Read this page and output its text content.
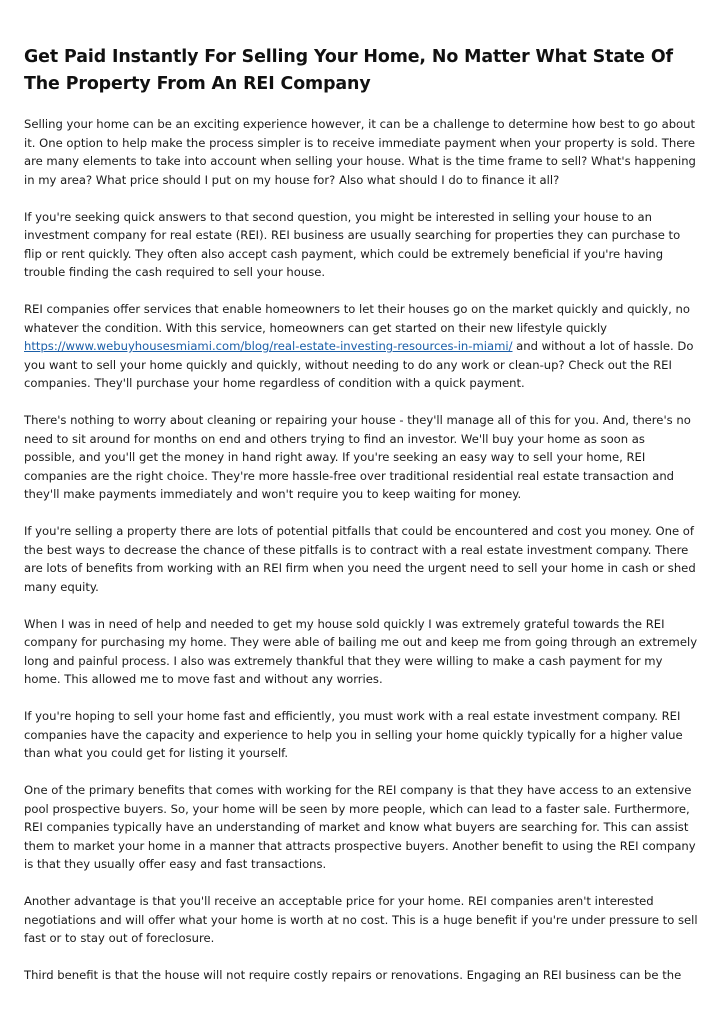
Get Paid Instantly For Selling Your Home, No Matter What State Of The Property From An REI Company

Selling your home can be an exciting experience however, it can be a challenge to determine how best to go about it. One option to help make the process simpler is to receive immediate payment when your property is sold. There are many elements to take into account when selling your house. What is the time frame to sell? What's happening in my area? What price should I put on my house for? Also what should I do to finance it all?

If you're seeking quick answers to that second question, you might be interested in selling your house to an investment company for real estate (REI). REI business are usually searching for properties they can purchase to flip or rent quickly. They often also accept cash payment, which could be extremely beneficial if you're having trouble finding the cash required to sell your house.

REI companies offer services that enable homeowners to let their houses go on the market quickly and quickly, no whatever the condition. With this service, homeowners can get started on their new lifestyle quickly https://www.webuyhousesmiami.com/blog/real-estate-investing-resources-in-miami/ and without a lot of hassle. Do you want to sell your home quickly and quickly, without needing to do any work or clean-up? Check out the REI companies. They'll purchase your home regardless of condition with a quick payment.

There's nothing to worry about cleaning or repairing your house - they'll manage all of this for you. And, there's no need to sit around for months on end and others trying to find an investor. We'll buy your home as soon as possible, and you'll get the money in hand right away. If you're seeking an easy way to sell your home, REI companies are the right choice. They're more hassle-free over traditional residential real estate transaction and they'll make payments immediately and won't require you to keep waiting for money.

If you're selling a property there are lots of potential pitfalls that could be encountered and cost you money. One of the best ways to decrease the chance of these pitfalls is to contract with a real estate investment company. There are lots of benefits from working with an REI firm when you need the urgent need to sell your home in cash or shed many equity.

When I was in need of help and needed to get my house sold quickly I was extremely grateful towards the REI company for purchasing my home. They were able of bailing me out and keep me from going through an extremely long and painful process. I also was extremely thankful that they were willing to make a cash payment for my home. This allowed me to move fast and without any worries.

If you're hoping to sell your home fast and efficiently, you must work with a real estate investment company. REI companies have the capacity and experience to help you in selling your home quickly typically for a higher value than what you could get for listing it yourself.

One of the primary benefits that comes with working for the REI company is that they have access to an extensive pool prospective buyers. So, your home will be seen by more people, which can lead to a faster sale. Furthermore, REI companies typically have an understanding of market and know what buyers are searching for. This can assist them to market your home in a manner that attracts prospective buyers. Another benefit to using the REI company is that they usually offer easy and fast transactions.

Another advantage is that you'll receive an acceptable price for your home. REI companies aren't interested negotiations and will offer what your home is worth at no cost. This is a huge benefit if you're under pressure to sell fast or to stay out of foreclosure.

Third benefit is that the house will not require costly repairs or renovations. Engaging an REI business can be the
